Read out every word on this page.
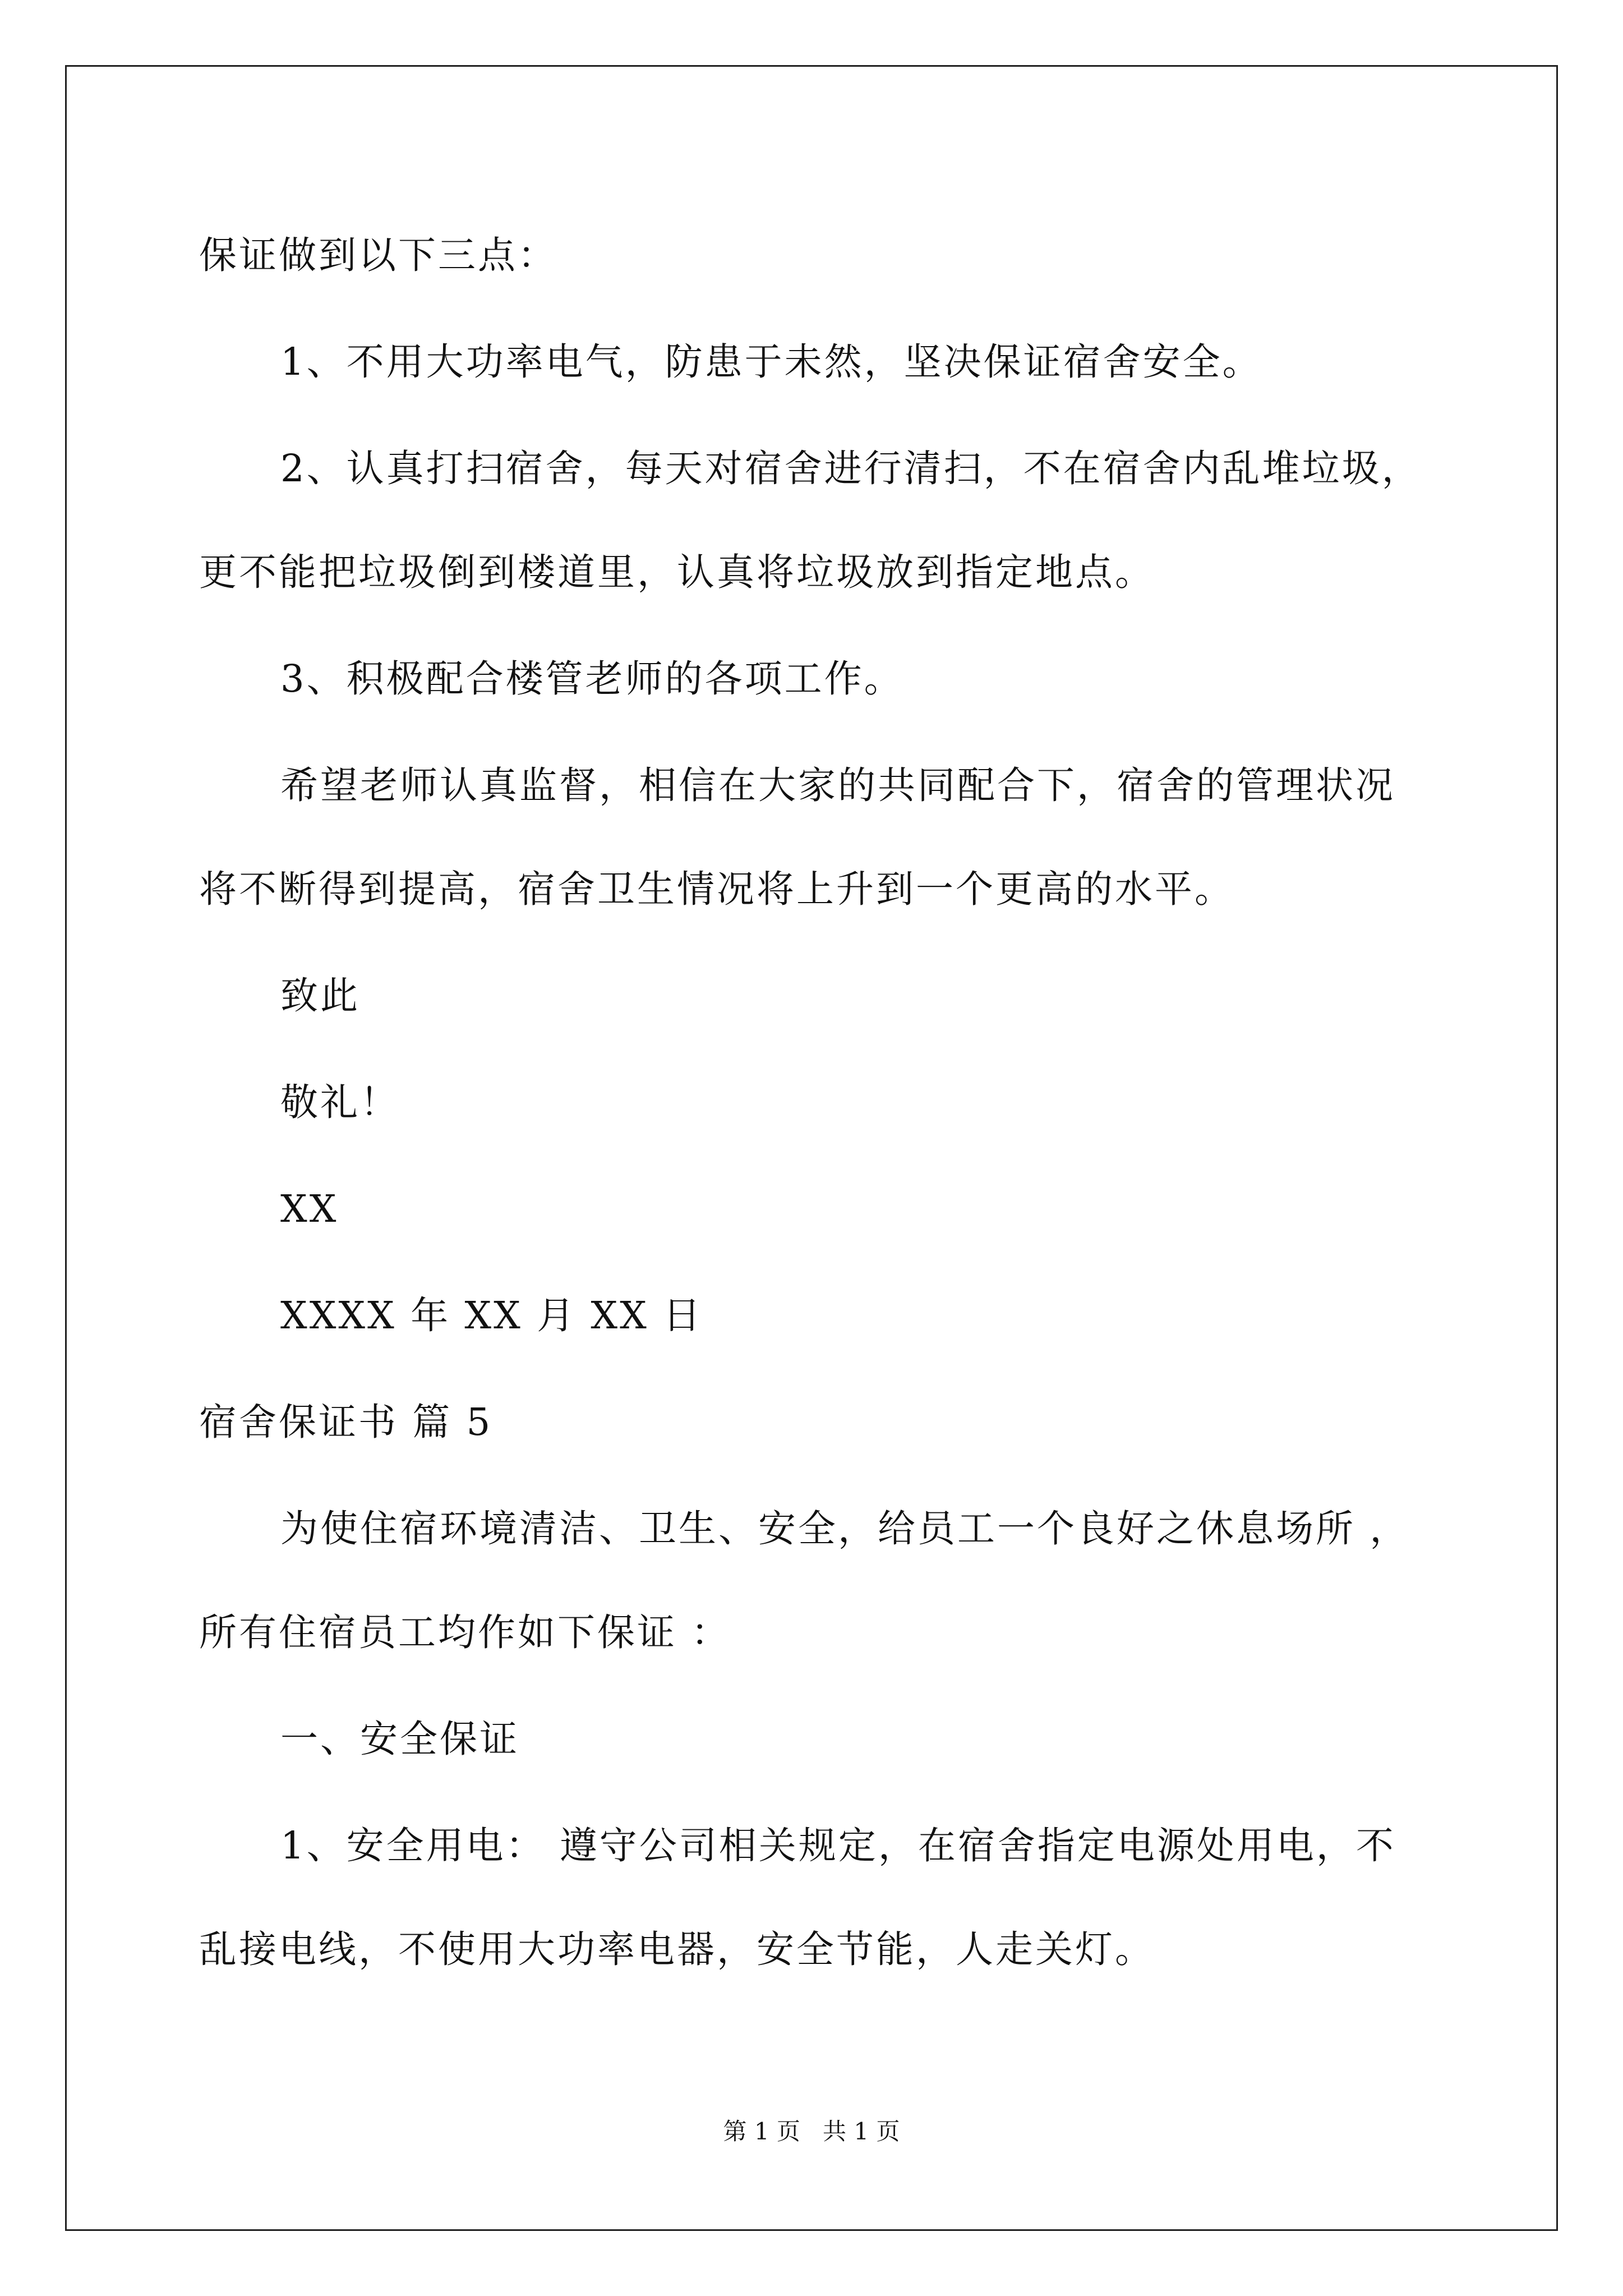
保证做到以下三点：
1、不用大功率电气，防患于未然，坚决保证宿舍安全。
2、认真打扫宿舍，每天对宿舍进行清扫，不在宿舍内乱堆垃圾，
更不能把垃圾倒到楼道里，认真将垃圾放到指定地点。
3、积极配合楼管老师的各项工作。
希望老师认真监督，相信在大家的共同配合下，宿舍的管理状况
将不断得到提高，宿舍卫生情况将上升到一个更高的水平。
致此
敬礼！
XX
XXXX 年 XX 月 XX 日
宿舍保证书 篇 5
为使住宿环境清洁、卫生、安全，给员工一个良好之休息场所 ，
所有住宿员工均作如下保证 ：
一、安全保证
1、安全用电： 遵守公司相关规定，在宿舍指定电源处用电，不
乱接电线，不使用大功率电器，安全节能，人走关灯。
第 1 页   共 1 页
